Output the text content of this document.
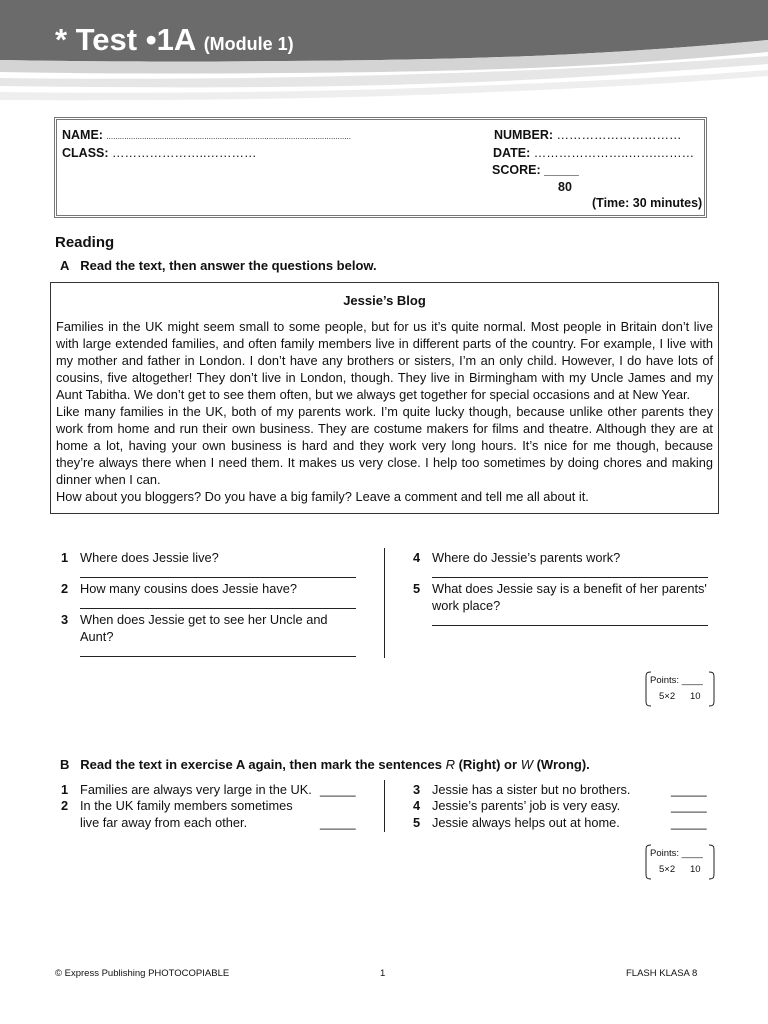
* Test •1A (Module 1)
NAME: ..............................................................................................................	NUMBER: …………………………
CLASS: …………………..…………	DATE: …………………..…….………
SCORE: _____
80
(Time: 30 minutes)
Reading
A Read the text, then answer the questions below.
Jessie’s Blog

Families in the UK might seem small to some people, but for us it’s quite normal. Most people in Britain don’t live with large extended families, and often family members live in different parts of the country. For example, I live with my mother and father in London. I don’t have any brothers or sisters, I’m an only child. However, I do have lots of cousins, five altogether! They don’t live in London, though. They live in Birmingham with my Uncle James and my Aunt Tabitha. We don’t get to see them often, but we always get together for special occasions and at New Year.

Like many families in the UK, both of my parents work. I’m quite lucky though, because unlike other parents they work from home and run their own business. They are costume makers for films and theatre. Although they are at home a lot, having your own business is hard and they work very long hours. It’s nice for me though, because they’re always there when I need them. It makes us very close. I help too sometimes by doing chores and making dinner when I can.

How about you bloggers? Do you have a big family? Leave a comment and tell me all about it.

1 Where does Jessie live?
2 How many cousins does Jessie have?
3 When does Jessie get to see her Uncle and Aunt?
4 Where do Jessie’s parents work?
5 What does Jessie say is a benefit of her parents' work place?
Points: ____
5×2 10
B Read the text in exercise A again, then mark the sentences R (Right) or W (Wrong).
1 Families are always very large in the UK. _____
2 In the UK family members sometimes
live far away from each other.	_____
3 Jessie has a sister but no brothers.	_____
4 Jessie’s parents’ job is very easy.	_____
5 Jessie always helps out at home.	_____
Points: ____
5×2 10
© Express Publishing PHOTOCOPIABLE	1	FLASH KLASA 8
